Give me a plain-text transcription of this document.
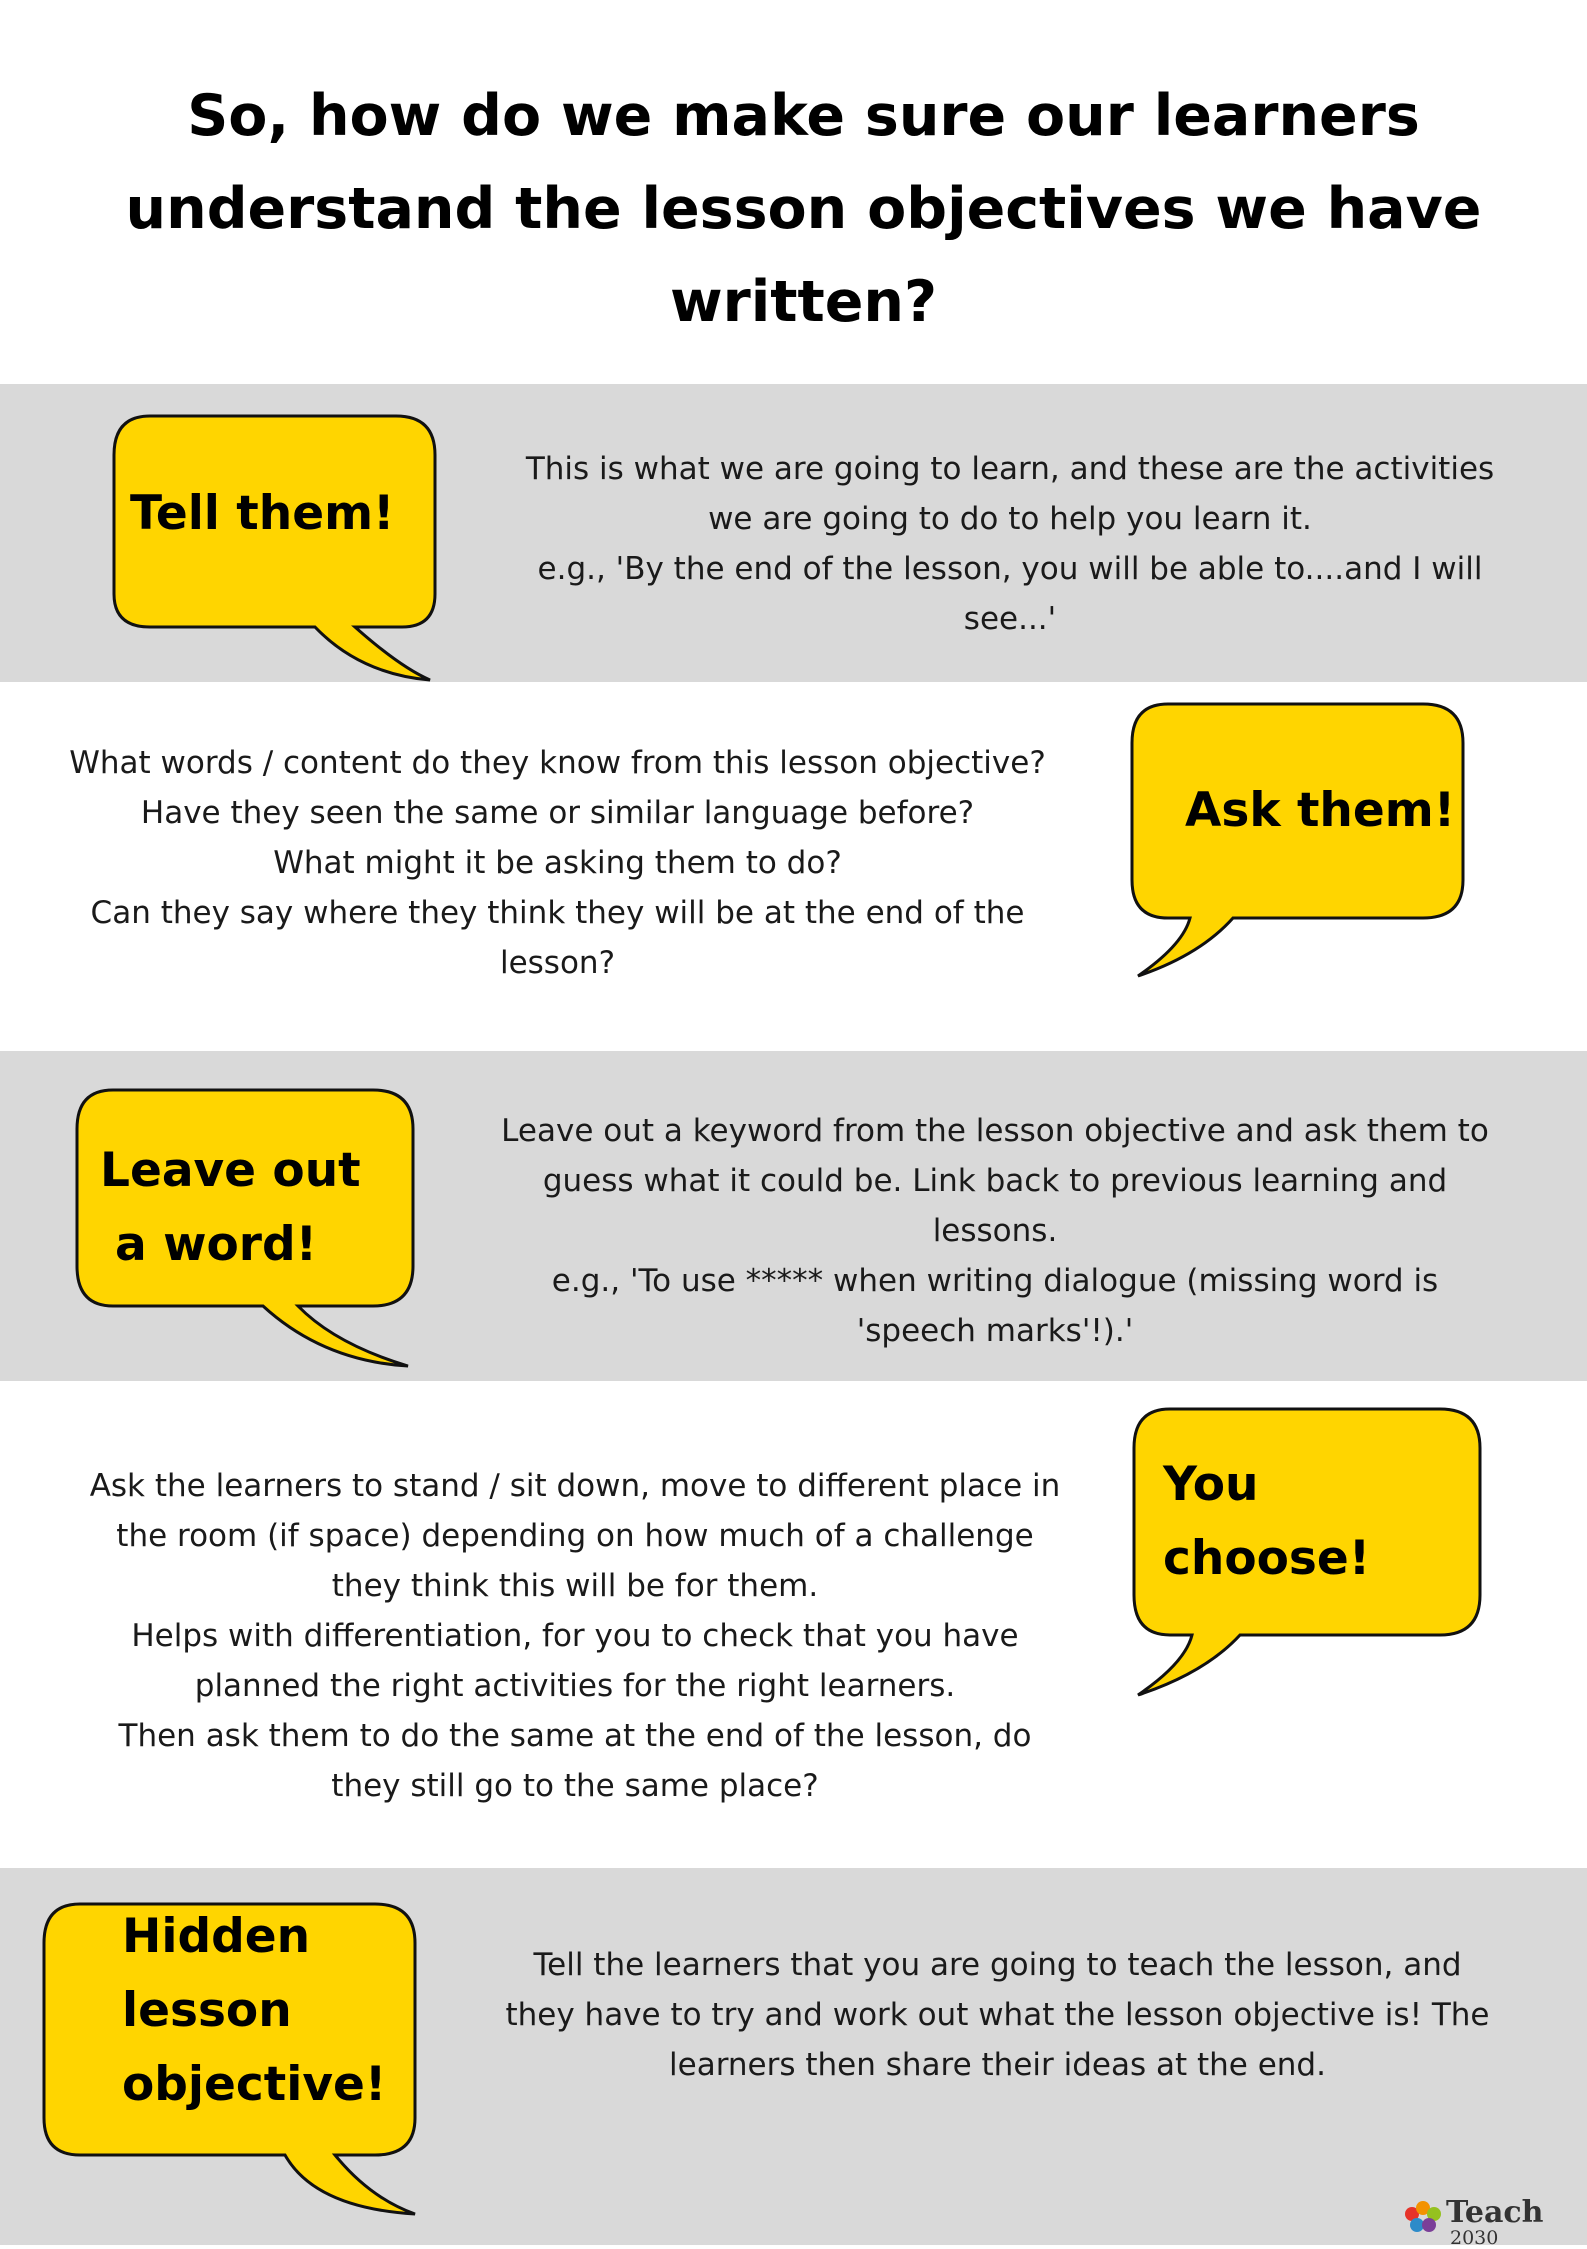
So, how do we make sure our learners
understand the lesson objectives we have
written?
Tell them!
This is what we are going to learn, and these are the activities
we are going to do to help you learn it.
e.g., 'By the end of the lesson, you will be able to....and I will
see...'
Ask them!
What words / content do they know from this lesson objective?
Have they seen the same or similar language before?
What might it be asking them to do?
Can they say where they think they will be at the end of the
lesson?
Leave out
a word!
Leave out a keyword from the lesson objective and ask them to
guess what it could be. Link back to previous learning and
lessons.
e.g., 'To use ***** when writing dialogue (missing word is
'speech marks'!).'
You
choose!
Ask the learners to stand / sit down, move to different place in
the room (if space) depending on how much of a challenge
they think this will be for them.
Helps with differentiation, for you to check that you have
planned the right activities for the right learners.
Then ask them to do the same at the end of the lesson, do
they still go to the same place?
Hidden
lesson
objective!
Tell the learners that you are going to teach the lesson, and
they have to try and work out what the lesson objective is! The
learners then share their ideas at the end.
Teach
2030
